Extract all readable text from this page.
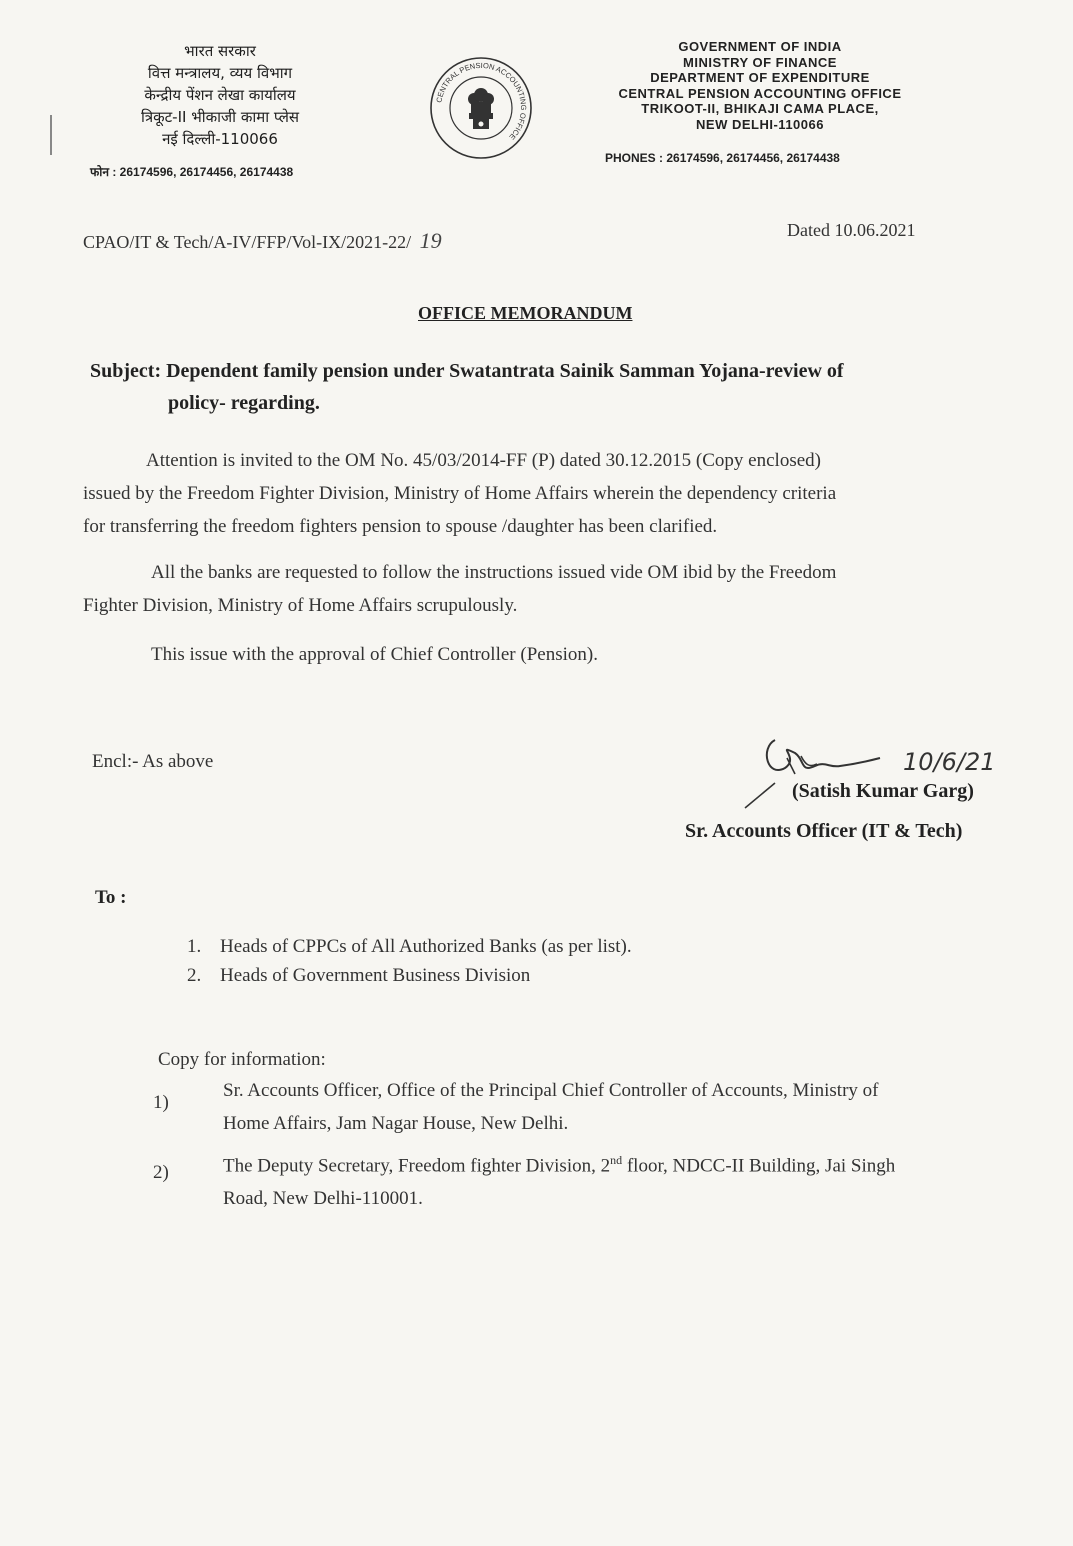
भारत सरकार
वित्त मन्त्रालय, व्यय विभाग
केन्द्रीय पेंशन लेखा कार्यालय
त्रिकूट-II भीकाजी कामा प्लेस
नई दिल्ली-110066
फोन : 26174596, 26174456, 26174438
CENTRAL PENSION ACCOUNTING OFFICE
GOVERNMENT OF INDIA
MINISTRY OF FINANCE
DEPARTMENT OF EXPENDITURE
CENTRAL PENSION ACCOUNTING OFFICE
TRIKOOT-II, BHIKAJI CAMA PLACE,
NEW DELHI-110066
PHONES : 26174596, 26174456, 26174438
CPAO/IT & Tech/A-IV/FFP/Vol-IX/2021-22/ 19	Dated 10.06.2021
OFFICE MEMORANDUM
Subject: Dependent family pension under Swatantrata Sainik Samman Yojana-review of
policy- regarding.
Attention is invited to the OM No. 45/03/2014-FF (P) dated 30.12.2015 (Copy enclosed)
issued by the Freedom Fighter Division, Ministry of Home Affairs wherein the dependency criteria
for transferring the freedom fighters pension to spouse /daughter has been clarified.
All the banks are requested to follow the instructions issued vide OM ibid by the Freedom
Fighter Division, Ministry of Home Affairs scrupulously.
This issue with the approval of Chief Controller (Pension).
Encl:- As above	10/6/21
(Satish Kumar Garg)
Sr. Accounts Officer (IT & Tech)
To :
1. Heads of CPPCs of All Authorized Banks (as per list).
2. Heads of Government Business Division
Copy for information:
1)
Sr. Accounts Officer, Office of the Principal Chief Controller of Accounts, Ministry of
Home Affairs, Jam Nagar House, New Delhi.
2)	The Deputy Secretary, Freedom fighter Division, 2nd floor, NDCC-II Building, Jai Singh
Road, New Delhi-110001.
